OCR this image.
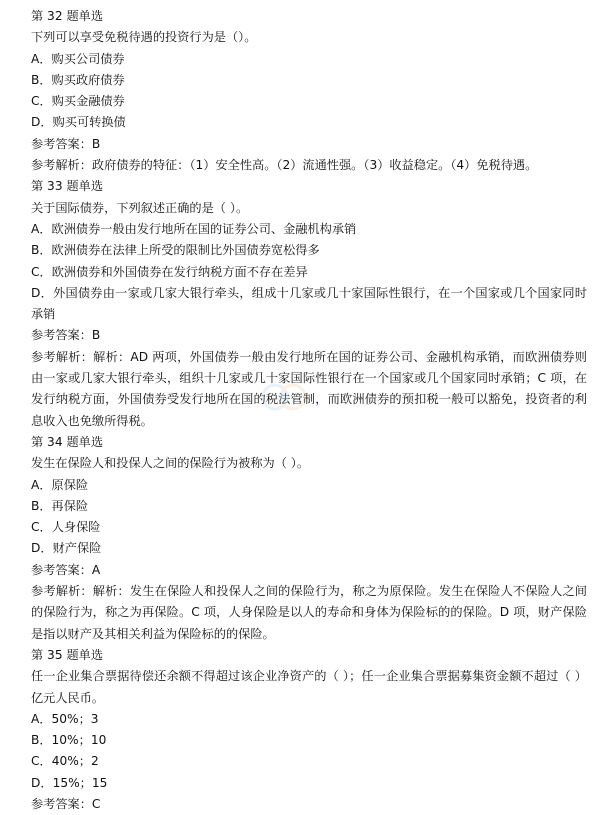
第 32 题单选
下列可以享受免税待遇的投资行为是（）。
A．购买公司债券
B．购买政府债券
C．购买金融债券
D．购买可转换债
参考答案：B
参考解析：政府债券的特征：（1）安全性高。（2）流通性强。（3）收益稳定。（4）免税待遇。
第 33 题单选
关于国际债券，下列叙述正确的是（ ）。
A．欧洲债券一般由发行地所在国的证券公司、金融机构承销
B．欧洲债券在法律上所受的限制比外国债券宽松得多
C．欧洲债券和外国债券在发行纳税方面不存在差异
D．外国债券由一家或几家大银行牵头，组成十几家或几十家国际性银行，在一个国家或几个国家同时承销
参考答案：B
参考解析：解析：AD 两项，外国债券一般由发行地所在国的证券公司、金融机构承销，而欧洲债券则由一家或几家大银行牵头，组织十几家或几十家国际性银行在一个国家或几个国家同时承销；C 项，在发行纳税方面，外国债券受发行地所在国的税法管制，而欧洲债券的预扣税一般可以豁免，投资者的利息收入也免缴所得税。
第 34 题单选
发生在保险人和投保人之间的保险行为被称为（ ）。
A．原保险
B．再保险
C．人身保险
D．财产保险
参考答案：A
参考解析：解析：发生在保险人和投保人之间的保险行为，称之为原保险。发生在保险人不保险人之间的保险行为，称之为再保险。C 项，人身保险是以人的寿命和身体为保险标的的保险。D 项，财产保险是指以财产及其相关利益为保险标的的保险。
第 35 题单选
任一企业集合票据待偿还余额不得超过该企业净资产的（ ）；任一企业集合票据募集资金额不超过（ ）亿元人民币。
A．50%；3
B．10%；10
C．40%；2
D．15%；15
参考答案：C
